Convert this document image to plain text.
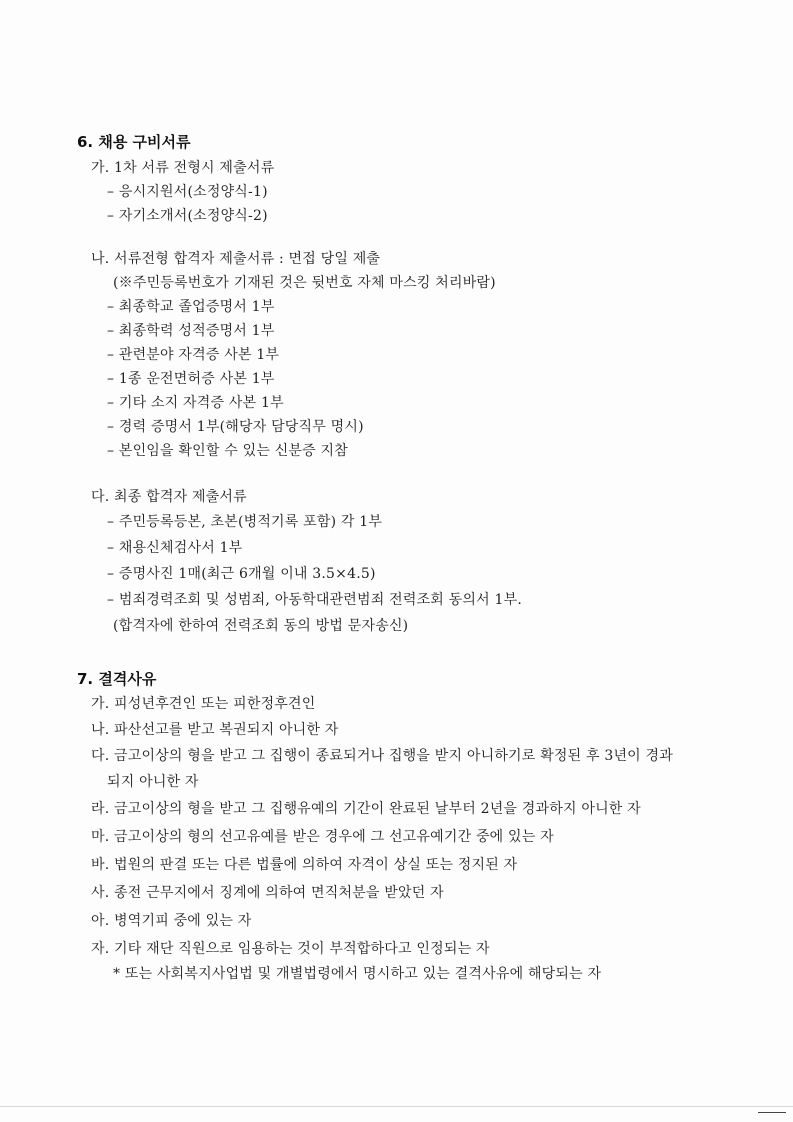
6. 채용 구비서류
가. 1차 서류 전형시 제출서류
– 응시지원서(소정양식-1)
– 자기소개서(소정양식-2)
나. 서류전형 합격자 제출서류 : 면접 당일 제출
(※주민등록번호가 기재된 것은 뒷번호 자체 마스킹 처리바람)
– 최종학교 졸업증명서 1부
– 최종학력 성적증명서 1부
– 관련분야 자격증 사본 1부
– 1종 운전면허증 사본 1부
– 기타 소지 자격증 사본 1부
– 경력 증명서 1부(해당자 담당직무 명시)
– 본인임을 확인할 수 있는 신분증 지참
다. 최종 합격자 제출서류
– 주민등록등본, 초본(병적기록 포함) 각 1부
– 채용신체검사서 1부
– 증명사진 1매(최근 6개월 이내 3.5×4.5)
– 범죄경력조회 및 성범죄, 아동학대관련범죄 전력조회 동의서 1부.
(합격자에 한하여 전력조회 동의 방법 문자송신)
7. 결격사유
가. 피성년후견인 또는 피한정후견인
나. 파산선고를 받고 복권되지 아니한 자
다. 금고이상의 형을 받고 그 집행이 종료되거나 집행을 받지 아니하기로 확정된 후 3년이 경과
되지 아니한 자
라. 금고이상의 형을 받고 그 집행유예의 기간이 완료된 날부터 2년을 경과하지 아니한 자
마. 금고이상의 형의 선고유예를 받은 경우에 그 선고유예기간 중에 있는 자
바. 법원의 판결 또는 다른 법률에 의하여 자격이 상실 또는 정지된 자
사. 종전 근무지에서 징계에 의하여 면직처분을 받았던 자
아. 병역기피 중에 있는 자
자. 기타 재단 직원으로 임용하는 것이 부적합하다고 인정되는 자
* 또는 사회복지사업법 및 개별법령에서 명시하고 있는 결격사유에 해당되는 자
